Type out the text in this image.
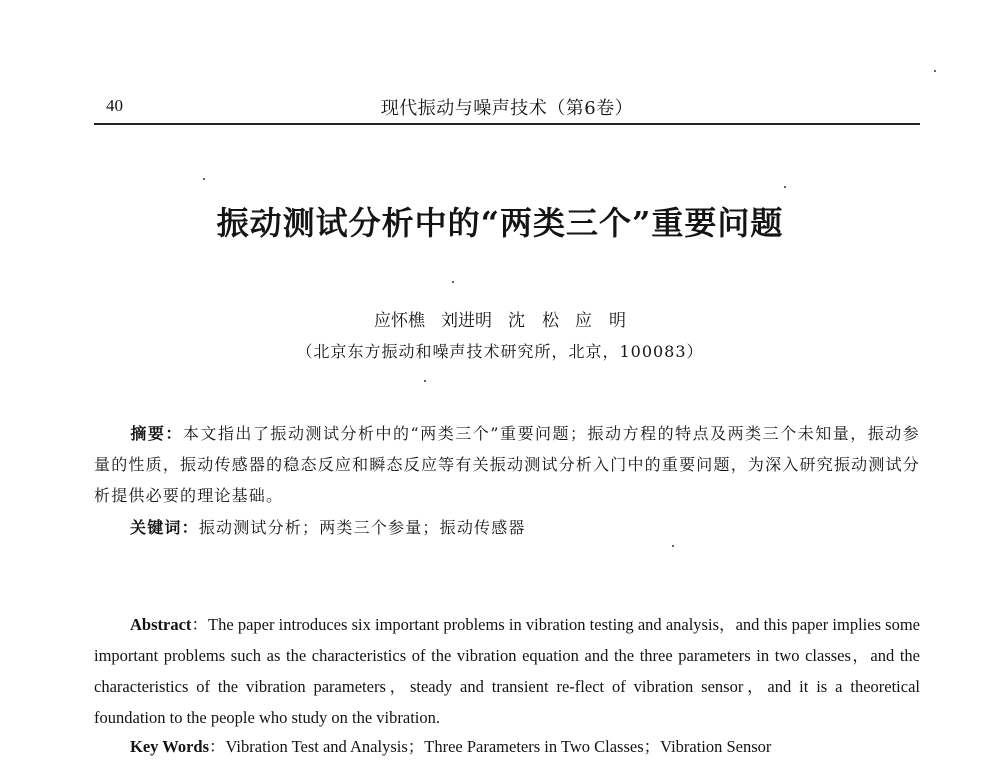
现代振动与噪声技术（第6卷）
40
振动测试分析中的“两类三个”重要问题
应怀樵 刘进明 沈　松 应　明
（北京东方振动和噪声技术研究所，北京，100083）
摘要：本文指出了振动测试分析中的“两类三个”重要问题；振动方程的特点及两类三个未知量，振动参量的性质，振动传感器的稳态反应和瞬态反应等有关振动测试分析入门中的重要问题，为深入研究振动测试分析提供必要的理论基础。
关键词：振动测试分析；两类三个参量；振动传感器
Abstract：The paper introduces six important problems in vibration testing and analysis，and this paper implies some important problems such as the characteristics of the vibration equation and the three parameters in two classes，and the characteristics of the vibration parameters，steady and transient re-flect of vibration sensor，and it is a theoretical foundation to the people who study on the vibration.
Key Words：Vibration Test and Analysis；Three Parameters in Two Classes；Vibration Sensor
